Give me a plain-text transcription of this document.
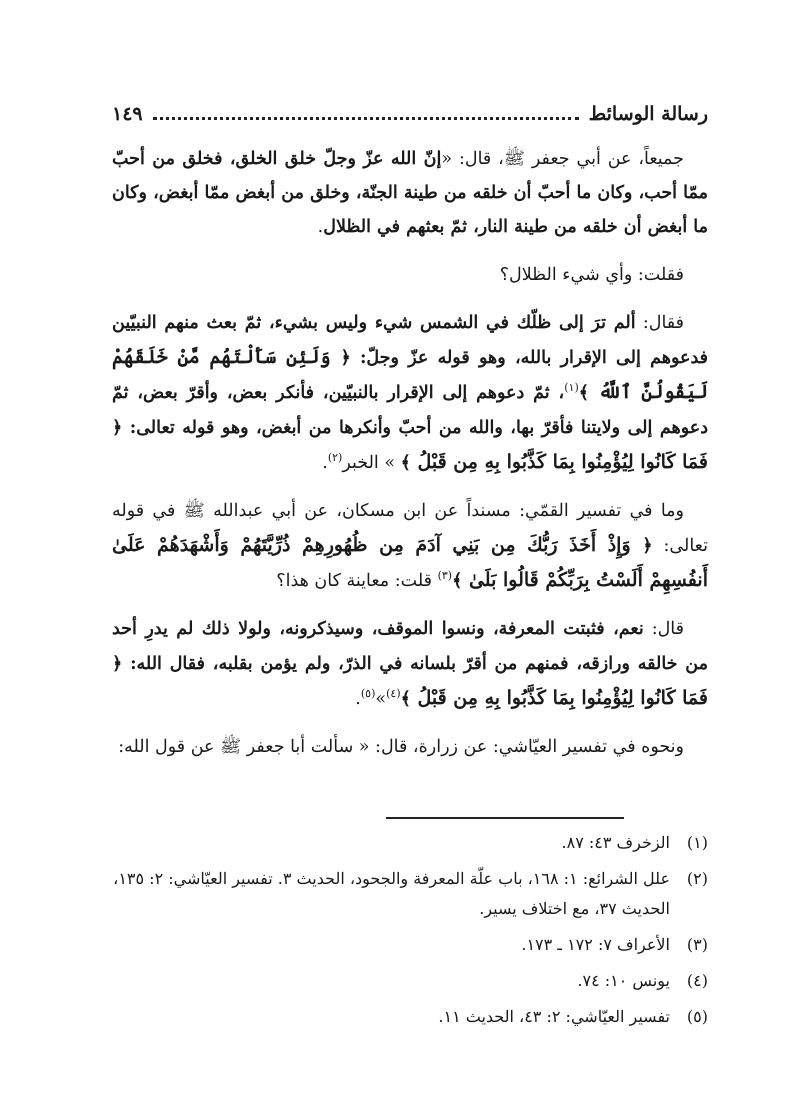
رسالة الوسائط
١٤٩

جميعاً، عن أبي جعفر ﷺ، قال: «إنّ الله عزّ وجلّ خلق الخلق، فخلق من أحبّ ممّا أحب، وكان ما أحبّ أن خلقه من طينة الجنّة، وخلق من أبغض ممّا أبغض، وكان ما أبغض أن خلقه من طينة النار، ثمّ بعثهم في الظلال.

فقلت: وأي شيء الظلال؟

فقال: ألم ترَ إلى ظلّك في الشمس شيء وليس بشيء، ثمّ بعث منهم النبيّين فدعوهم إلى الإقرار بالله، وهو قوله عزّ وجلّ: ﴿ وَلَئِن سَأَلْتَهُم مَّنْ خَلَقَهُمْ لَيَقُولُنَّ ٱللَّهُ ﴾$^{(١)}$، ثمّ دعوهم إلى الإقرار بالنبيّين، فأنكر بعض، وأقرّ بعض، ثمّ دعوهم إلى ولايتنا فأقرّ بها، والله من أحبّ وأنكرها من أبغض، وهو قوله تعالى: ﴿ فَمَا كَانُوا لِيُؤْمِنُوا بِمَا كَذَّبُوا بِهِ مِن قَبْلُ ﴾ » الخبر$^{(٢)}$.

وما في تفسير القمّي: مسنداً عن ابن مسكان، عن أبي عبدالله ﷺ في قوله تعالى: ﴿ وَإِذْ أَخَذَ رَبُّكَ مِن بَنِي آدَمَ مِن ظُهُورِهِمْ ذُرِّيَّتَهُمْ وَأَشْهَدَهُمْ عَلَىٰ أَنفُسِهِمْ أَلَسْتُ بِرَبِّكُمْ قَالُوا بَلَىٰ ﴾$^{(٣)}$ قلت: معاينة كان هذا؟

قال: نعم، فثبتت المعرفة، ونسوا الموقف، وسيذكرونه، ولولا ذلك لم يدرِ أحد من خالقه ورازقه، فمنهم من أقرّ بلسانه في الذرّ، ولم يؤمن بقلبه، فقال الله: ﴿ فَمَا كَانُوا لِيُؤْمِنُوا بِمَا كَذَّبُوا بِهِ مِن قَبْلُ ﴾$^{(٤)}$»$^{(٥)}$.

ونحوه في تفسير العيّاشي: عن زرارة، قال: « سألت أبا جعفر ﷺ عن قول الله:

(١)
الزخرف ٤٣: ٨٧.
(٢)
علل الشرائع: ١: ١٦٨، باب علّة المعرفة والجحود، الحديث ٣. تفسير العيّاشي: ٢: ١٣٥، الحديث ٣٧، مع اختلاف يسير.
(٣)
الأعراف ٧: ١٧٢ ـ ١٧٣.
(٤)
يونس ١٠: ٧٤.
(٥)
تفسير العيّاشي: ٢: ٤٣، الحديث ١١.
